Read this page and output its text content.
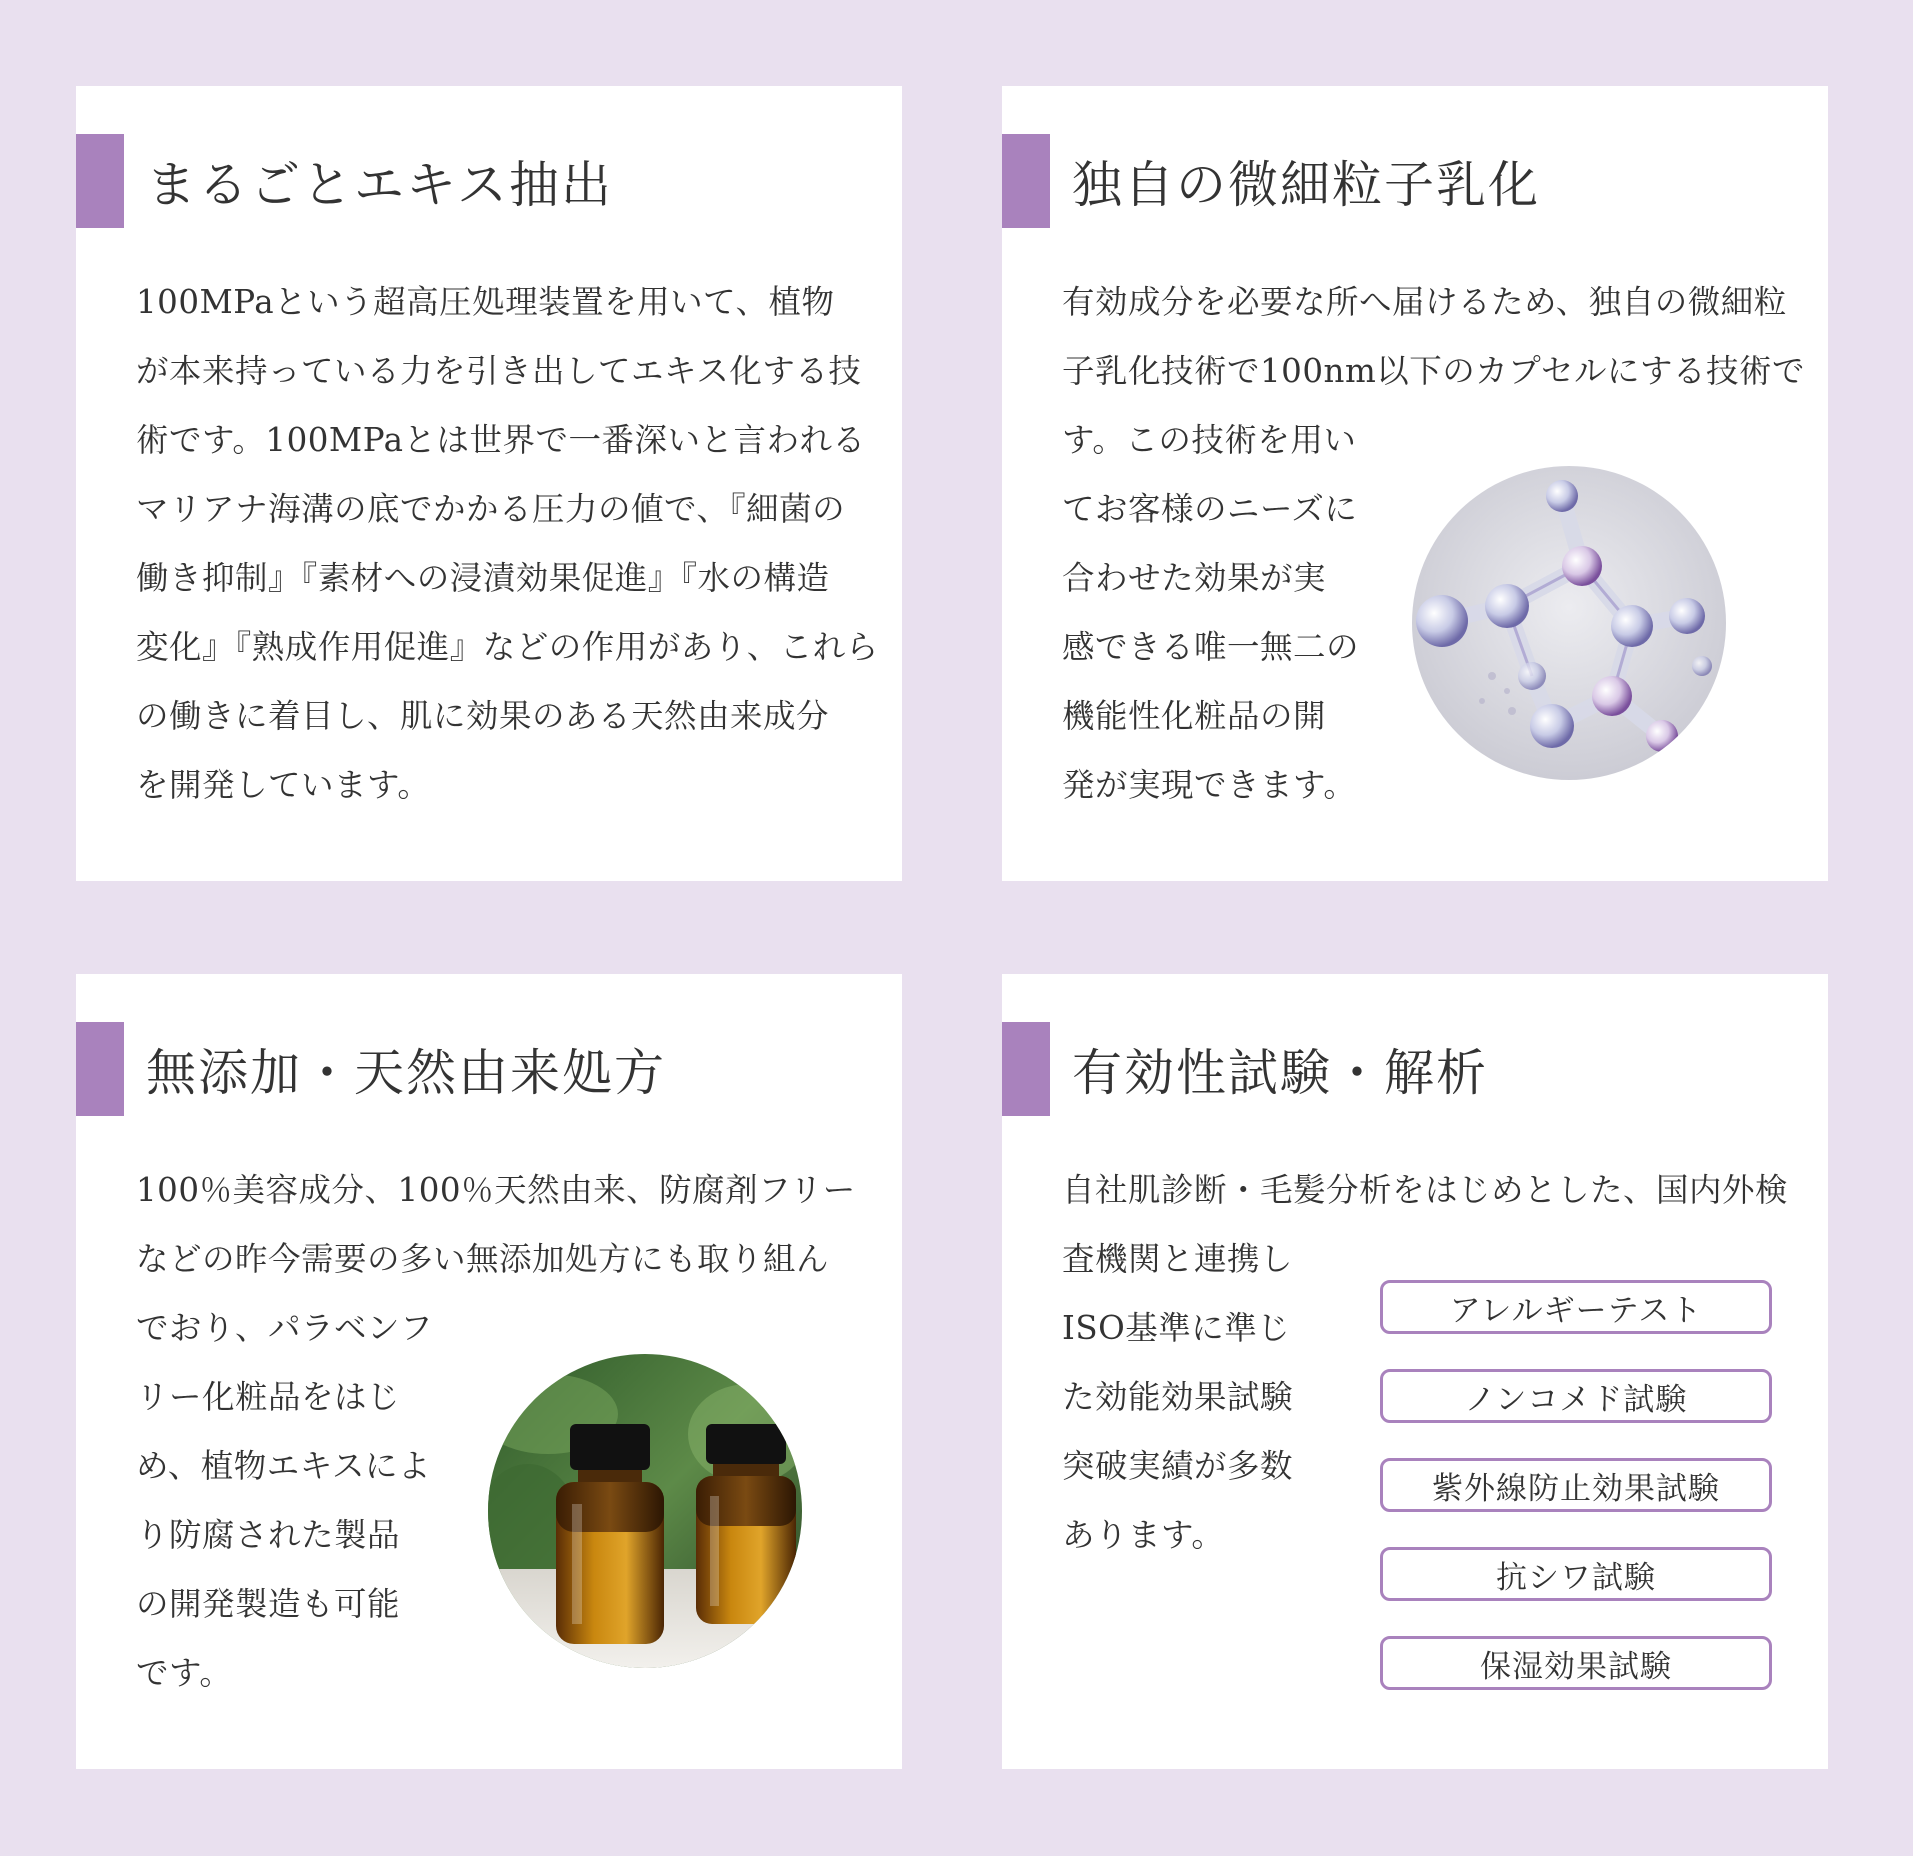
まるごとエキス抽出

100MPaという超高圧処理装置を用いて、植物
が本来持っている力を引き出してエキス化する技
術です。100MPaとは世界で一番深いと言われる
マリアナ海溝の底でかかる圧力の値で、『細菌の
働き抑制』『素材への浸漬効果促進』『水の構造
変化』『熟成作用促進』などの作用があり、これら
の働きに着目し、肌に効果のある天然由来成分
を開発しています。

独自の微細粒子乳化

有効成分を必要な所へ届けるため、独自の微細粒
子乳化技術で100nm以下のカプセルにする技術で
す。この技術を用い
てお客様のニーズに
合わせた効果が実
感できる唯一無二の
機能性化粧品の開
発が実現できます。

無添加・天然由来処方

100％美容成分、100％天然由来、防腐剤フリー
などの昨今需要の多い無添加処方にも取り組ん
でおり、パラベンフ
リー化粧品をはじ
め、植物エキスによ
り防腐された製品
の開発製造も可能
です。

有効性試験・解析

自社肌診断・毛髪分析をはじめとした、国内外検
査機関と連携し
ISO基準に準じ
た効能効果試験
突破実績が多数
あります。

アレルギーテスト
ノンコメド試験
紫外線防止効果試験
抗シワ試験
保湿効果試験
